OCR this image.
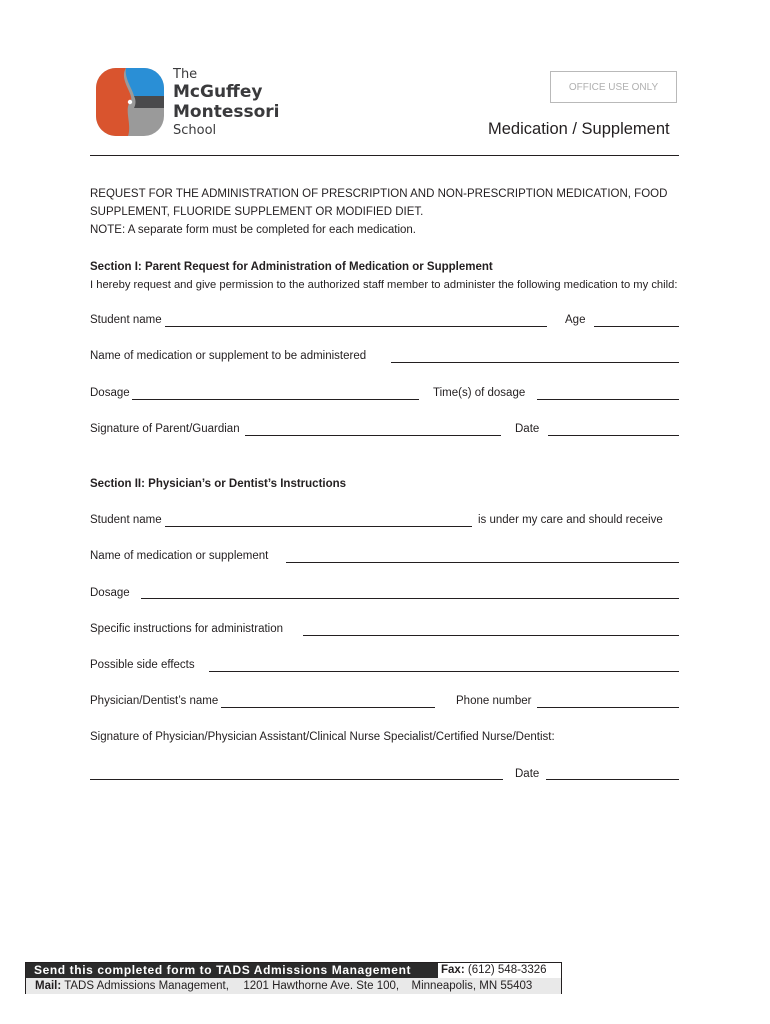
The
McGuffey
Montessori
School
OFFICE USE ONLY
Medication / Supplement
REQUEST FOR THE ADMINISTRATION OF PRESCRIPTION AND NON-PRESCRIPTION MEDICATION, FOOD
SUPPLEMENT, FLUORIDE SUPPLEMENT OR MODIFIED DIET.
NOTE: A separate form must be completed for each medication.
Section I: Parent Request for Administration of Medication or Supplement
I hereby request and give permission to the authorized staff member to administer the following medication to my child:
Student name	Age
Name of medication or supplement to be administered
Dosage	Time(s) of dosage
Signature of Parent/Guardian	Date
Section II: Physician’s or Dentist’s Instructions
Student name	is under my care and should receive
Name of medication or supplement
Dosage
Specific instructions for administration
Possible side effects
Physician/Dentist’s name	Phone number
Signature of Physician/Physician Assistant/Clinical Nurse Specialist/Certified Nurse/Dentist:
Date
Send this completed form to TADS Admissions Management	Fax: (612) 548-3326
Mail: TADS Admissions Management, 1201 Hawthorne Ave. Ste 100, Minneapolis, MN 55403
